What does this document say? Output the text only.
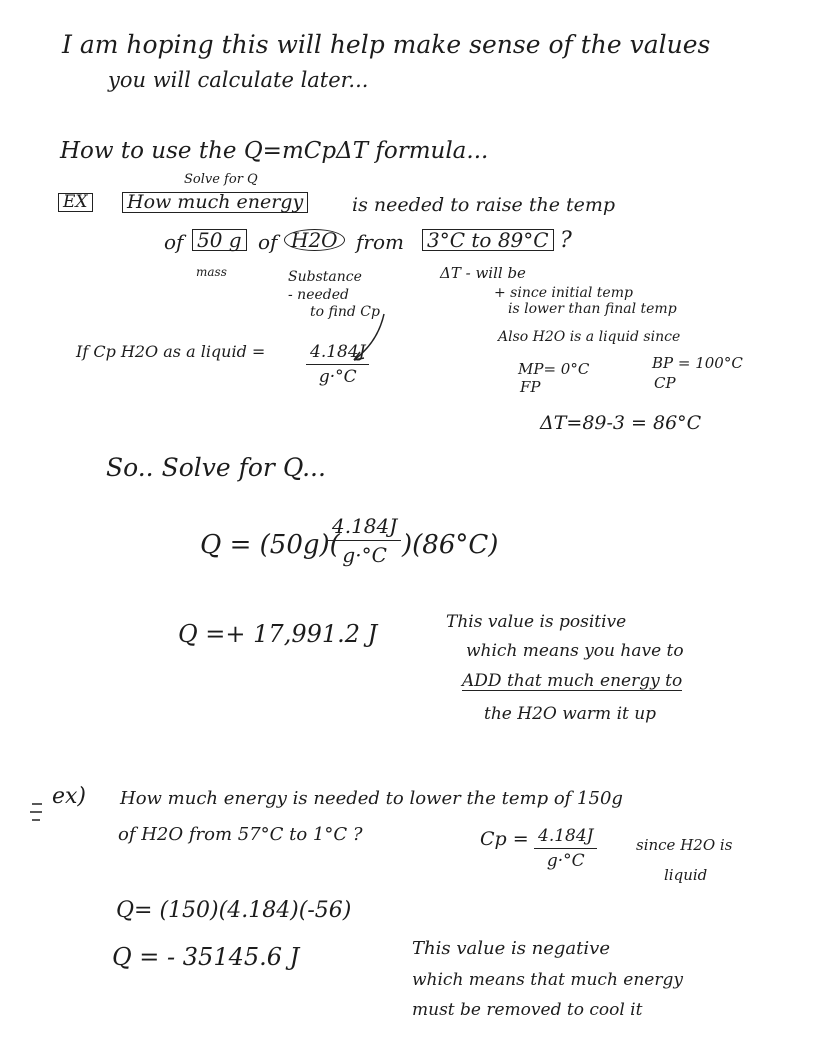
I am hoping this will help make sense of the values
you will calculate later...
How to use the Q=mCpΔT formula...
Solve for Q
EX How much energy	is needed to raise the temp
of 50 g of H2O from 3°C to 89°C ?
mass	Substance
- needed
to find Cp
ΔT - will be
+ since initial temp
is lower than final temp
If Cp H2O as a liquid = $\frac{4.184J}{g\cdot^\circ C}$
Also H2O is a liquid since
MP= 0°C
FP
BP = 100°C
CP
ΔT=89-3 = 86°C
So.. Solve for Q...
Q = (50g)(
$\frac{4.184J}{g\cdot^\circ C} )(86^\circ C)$
Q =+ 17,991.2 J	This value is positive
which means you have to
ADD that much energy to
the H2O warm it up
ex) How much energy is needed to lower the temp of 150g
of H2O from 57°C to 1°C ?	$Cp = \frac{4.184J}{g\cdot^\circ C}$	since H2O is
liquid
Q= (150)(4.184)(-56)
Q = - 35145.6 J	This value is negative
which means that much energy
must be removed to cool it
